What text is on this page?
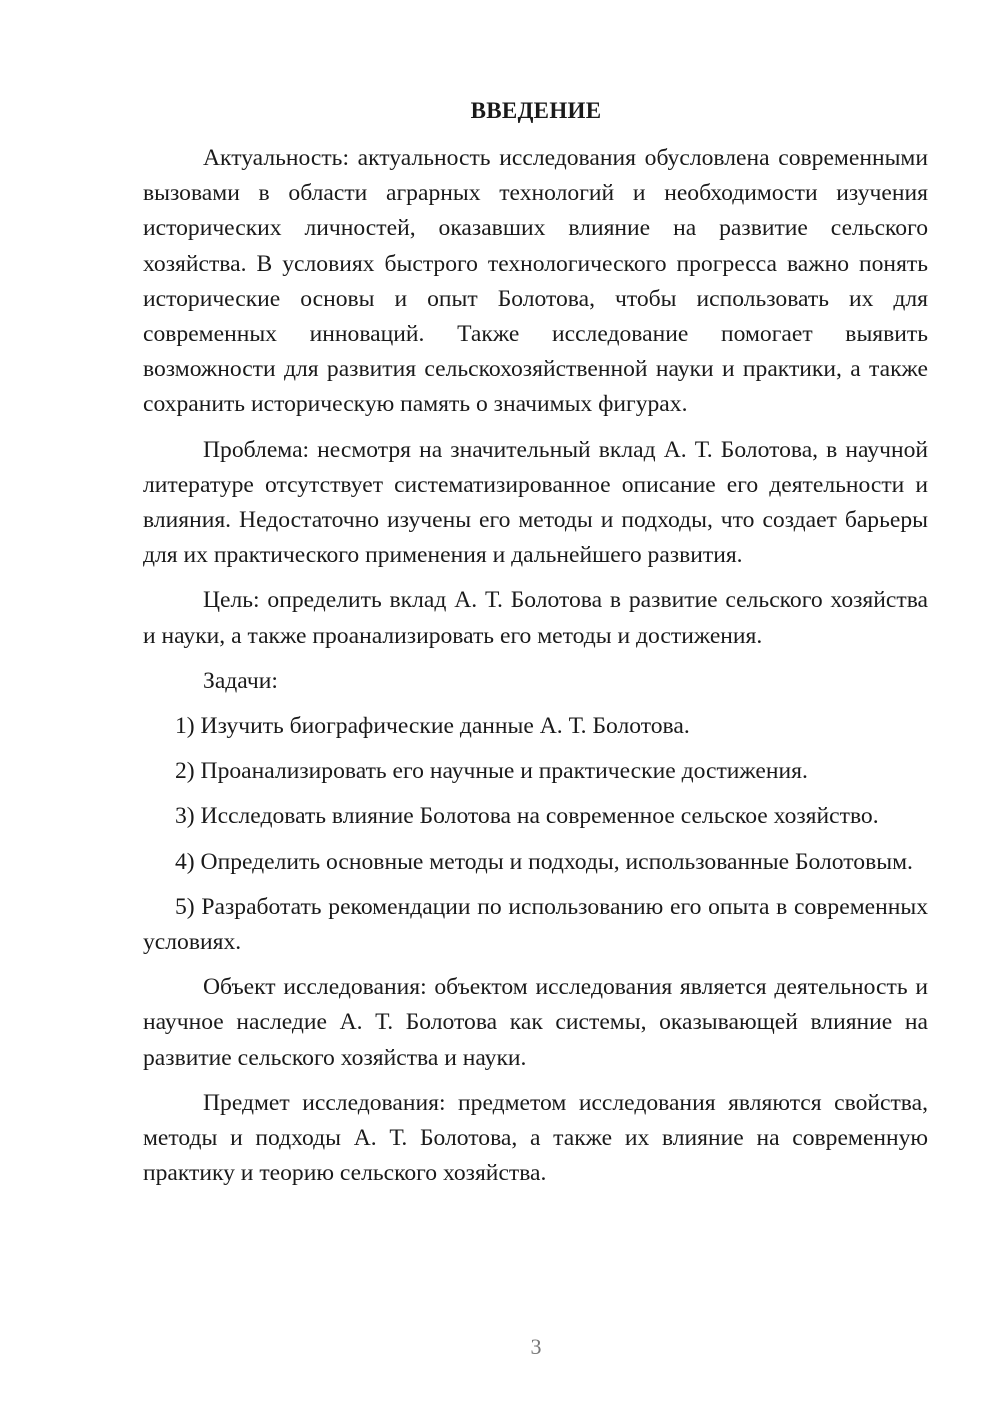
ВВЕДЕНИЕ

Актуальность: актуальность исследования обусловлена современными вызовами в области аграрных технологий и необходимости изучения исторических личностей, оказавших влияние на развитие сельского хозяйства. В условиях быстрого технологического прогресса важно понять исторические основы и опыт Болотова, чтобы использовать их для современных инноваций. Также исследование помогает выявить возможности для развития сельскохозяйственной науки и практики, а также сохранить историческую память о значимых фигурах.

Проблема: несмотря на значительный вклад А. Т. Болотова, в научной литературе отсутствует систематизированное описание его деятельности и влияния. Недостаточно изучены его методы и подходы, что создает барьеры для их практического применения и дальнейшего развития.

Цель: определить вклад А. Т. Болотова в развитие сельского хозяйства и науки, а также проанализировать его методы и достижения.

Задачи:

1) Изучить биографические данные А. Т. Болотова.

2) Проанализировать его научные и практические достижения.

3) Исследовать влияние Болотова на современное сельское хозяйство.

4) Определить основные методы и подходы, использованные Болотовым.

5) Разработать рекомендации по использованию его опыта в современных условиях.

Объект исследования: объектом исследования является деятельность и научное наследие А. Т. Болотова как системы, оказывающей влияние на развитие сельского хозяйства и науки.

Предмет исследования: предметом исследования являются свойства, методы и подходы А. Т. Болотова, а также их влияние на современную практику и теорию сельского хозяйства.

3
